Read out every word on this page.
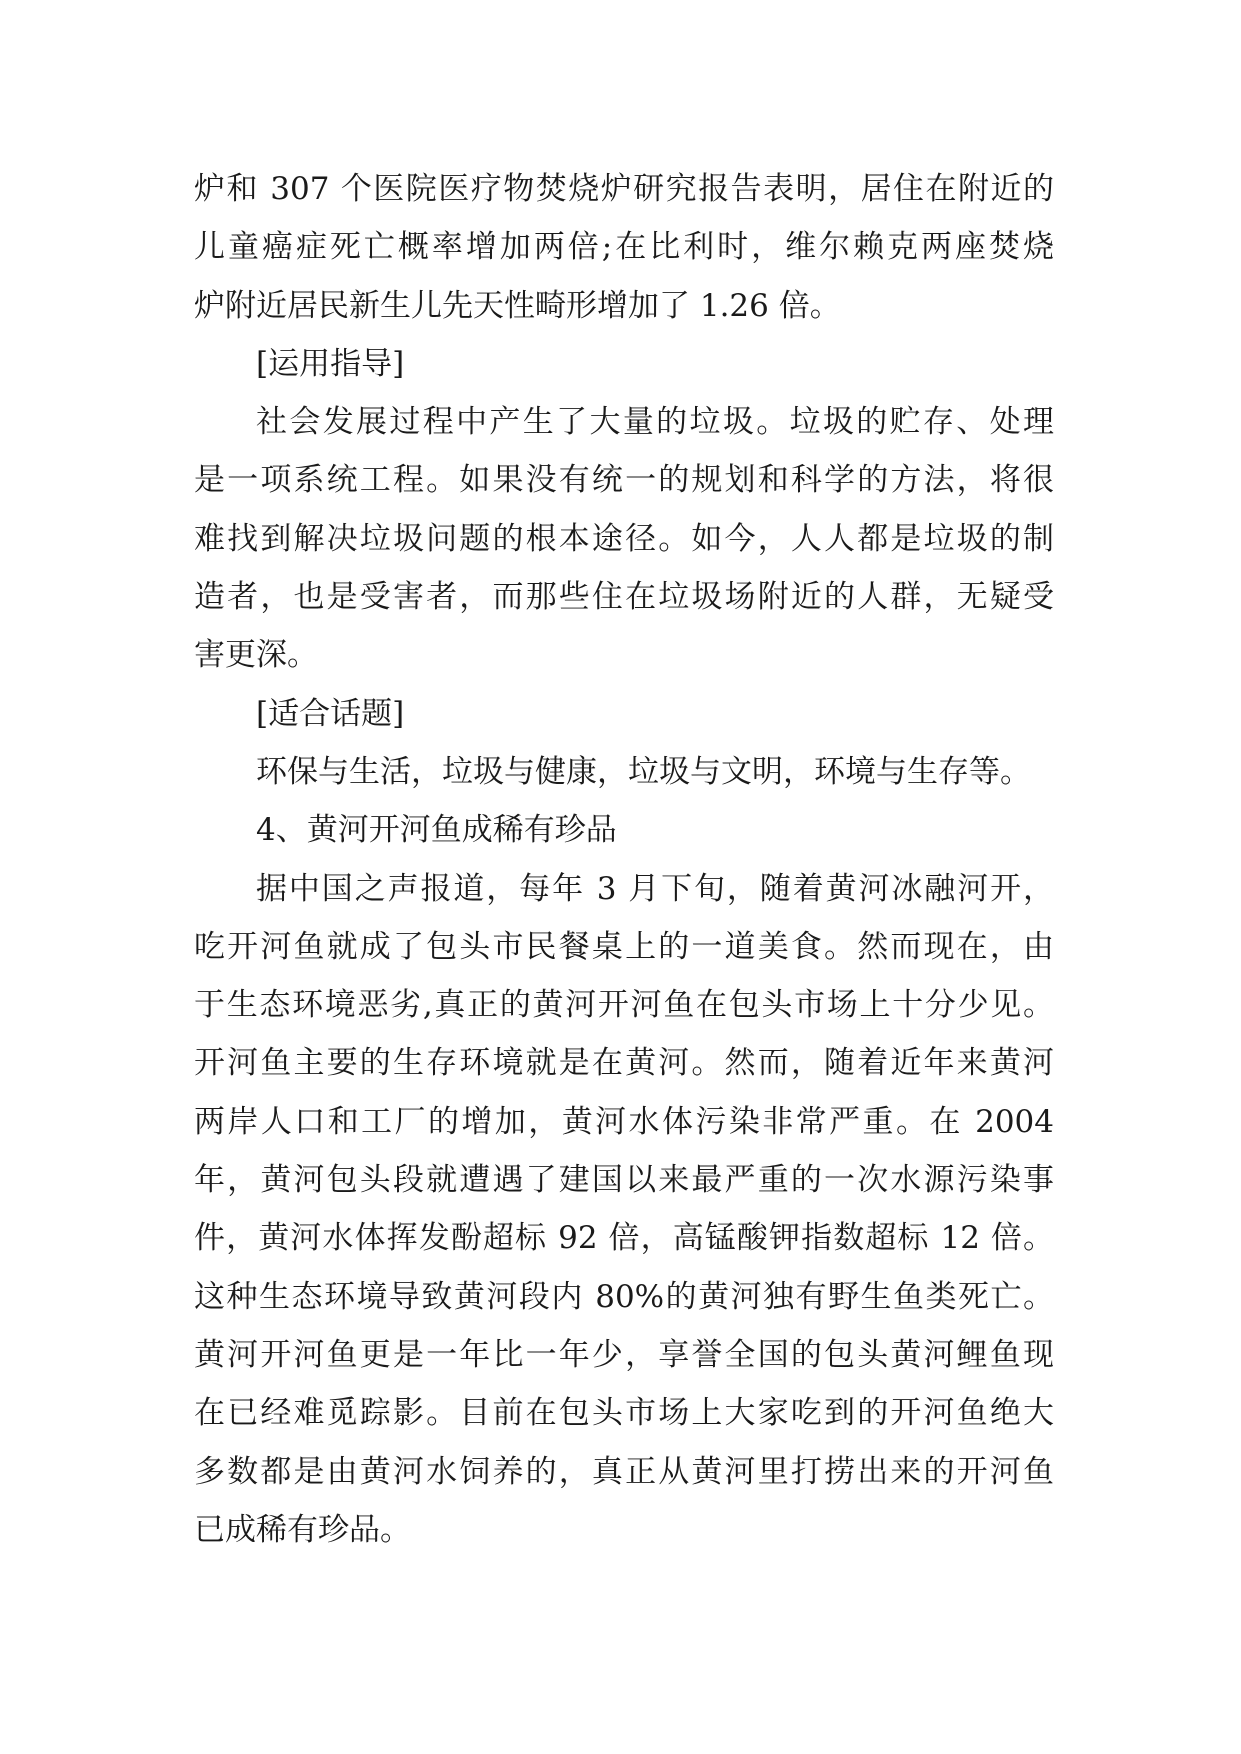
炉和 307 个医院医疗物焚烧炉研究报告表明，居住在附近的
儿童癌症死亡概率增加两倍;在比利时，维尔赖克两座焚烧
炉附近居民新生儿先天性畸形增加了 1.26 倍。
[运用指导]
社会发展过程中产生了大量的垃圾。垃圾的贮存、处理
是一项系统工程。如果没有统一的规划和科学的方法，将很
难找到解决垃圾问题的根本途径。如今，人人都是垃圾的制
造者，也是受害者，而那些住在垃圾场附近的人群，无疑受
害更深。
[适合话题]
环保与生活，垃圾与健康，垃圾与文明，环境与生存等。
4、黄河开河鱼成稀有珍品
据中国之声报道，每年 3 月下旬，随着黄河冰融河开，
吃开河鱼就成了包头市民餐桌上的一道美食。然而现在，由
于生态环境恶劣,真正的黄河开河鱼在包头市场上十分少见。
开河鱼主要的生存环境就是在黄河。然而，随着近年来黄河
两岸人口和工厂的增加，黄河水体污染非常严重。在 2004
年，黄河包头段就遭遇了建国以来最严重的一次水源污染事
件，黄河水体挥发酚超标 92 倍，高锰酸钾指数超标 12 倍。
这种生态环境导致黄河段内 80%的黄河独有野生鱼类死亡。
黄河开河鱼更是一年比一年少，享誉全国的包头黄河鲤鱼现
在已经难觅踪影。目前在包头市场上大家吃到的开河鱼绝大
多数都是由黄河水饲养的，真正从黄河里打捞出来的开河鱼
已成稀有珍品。
